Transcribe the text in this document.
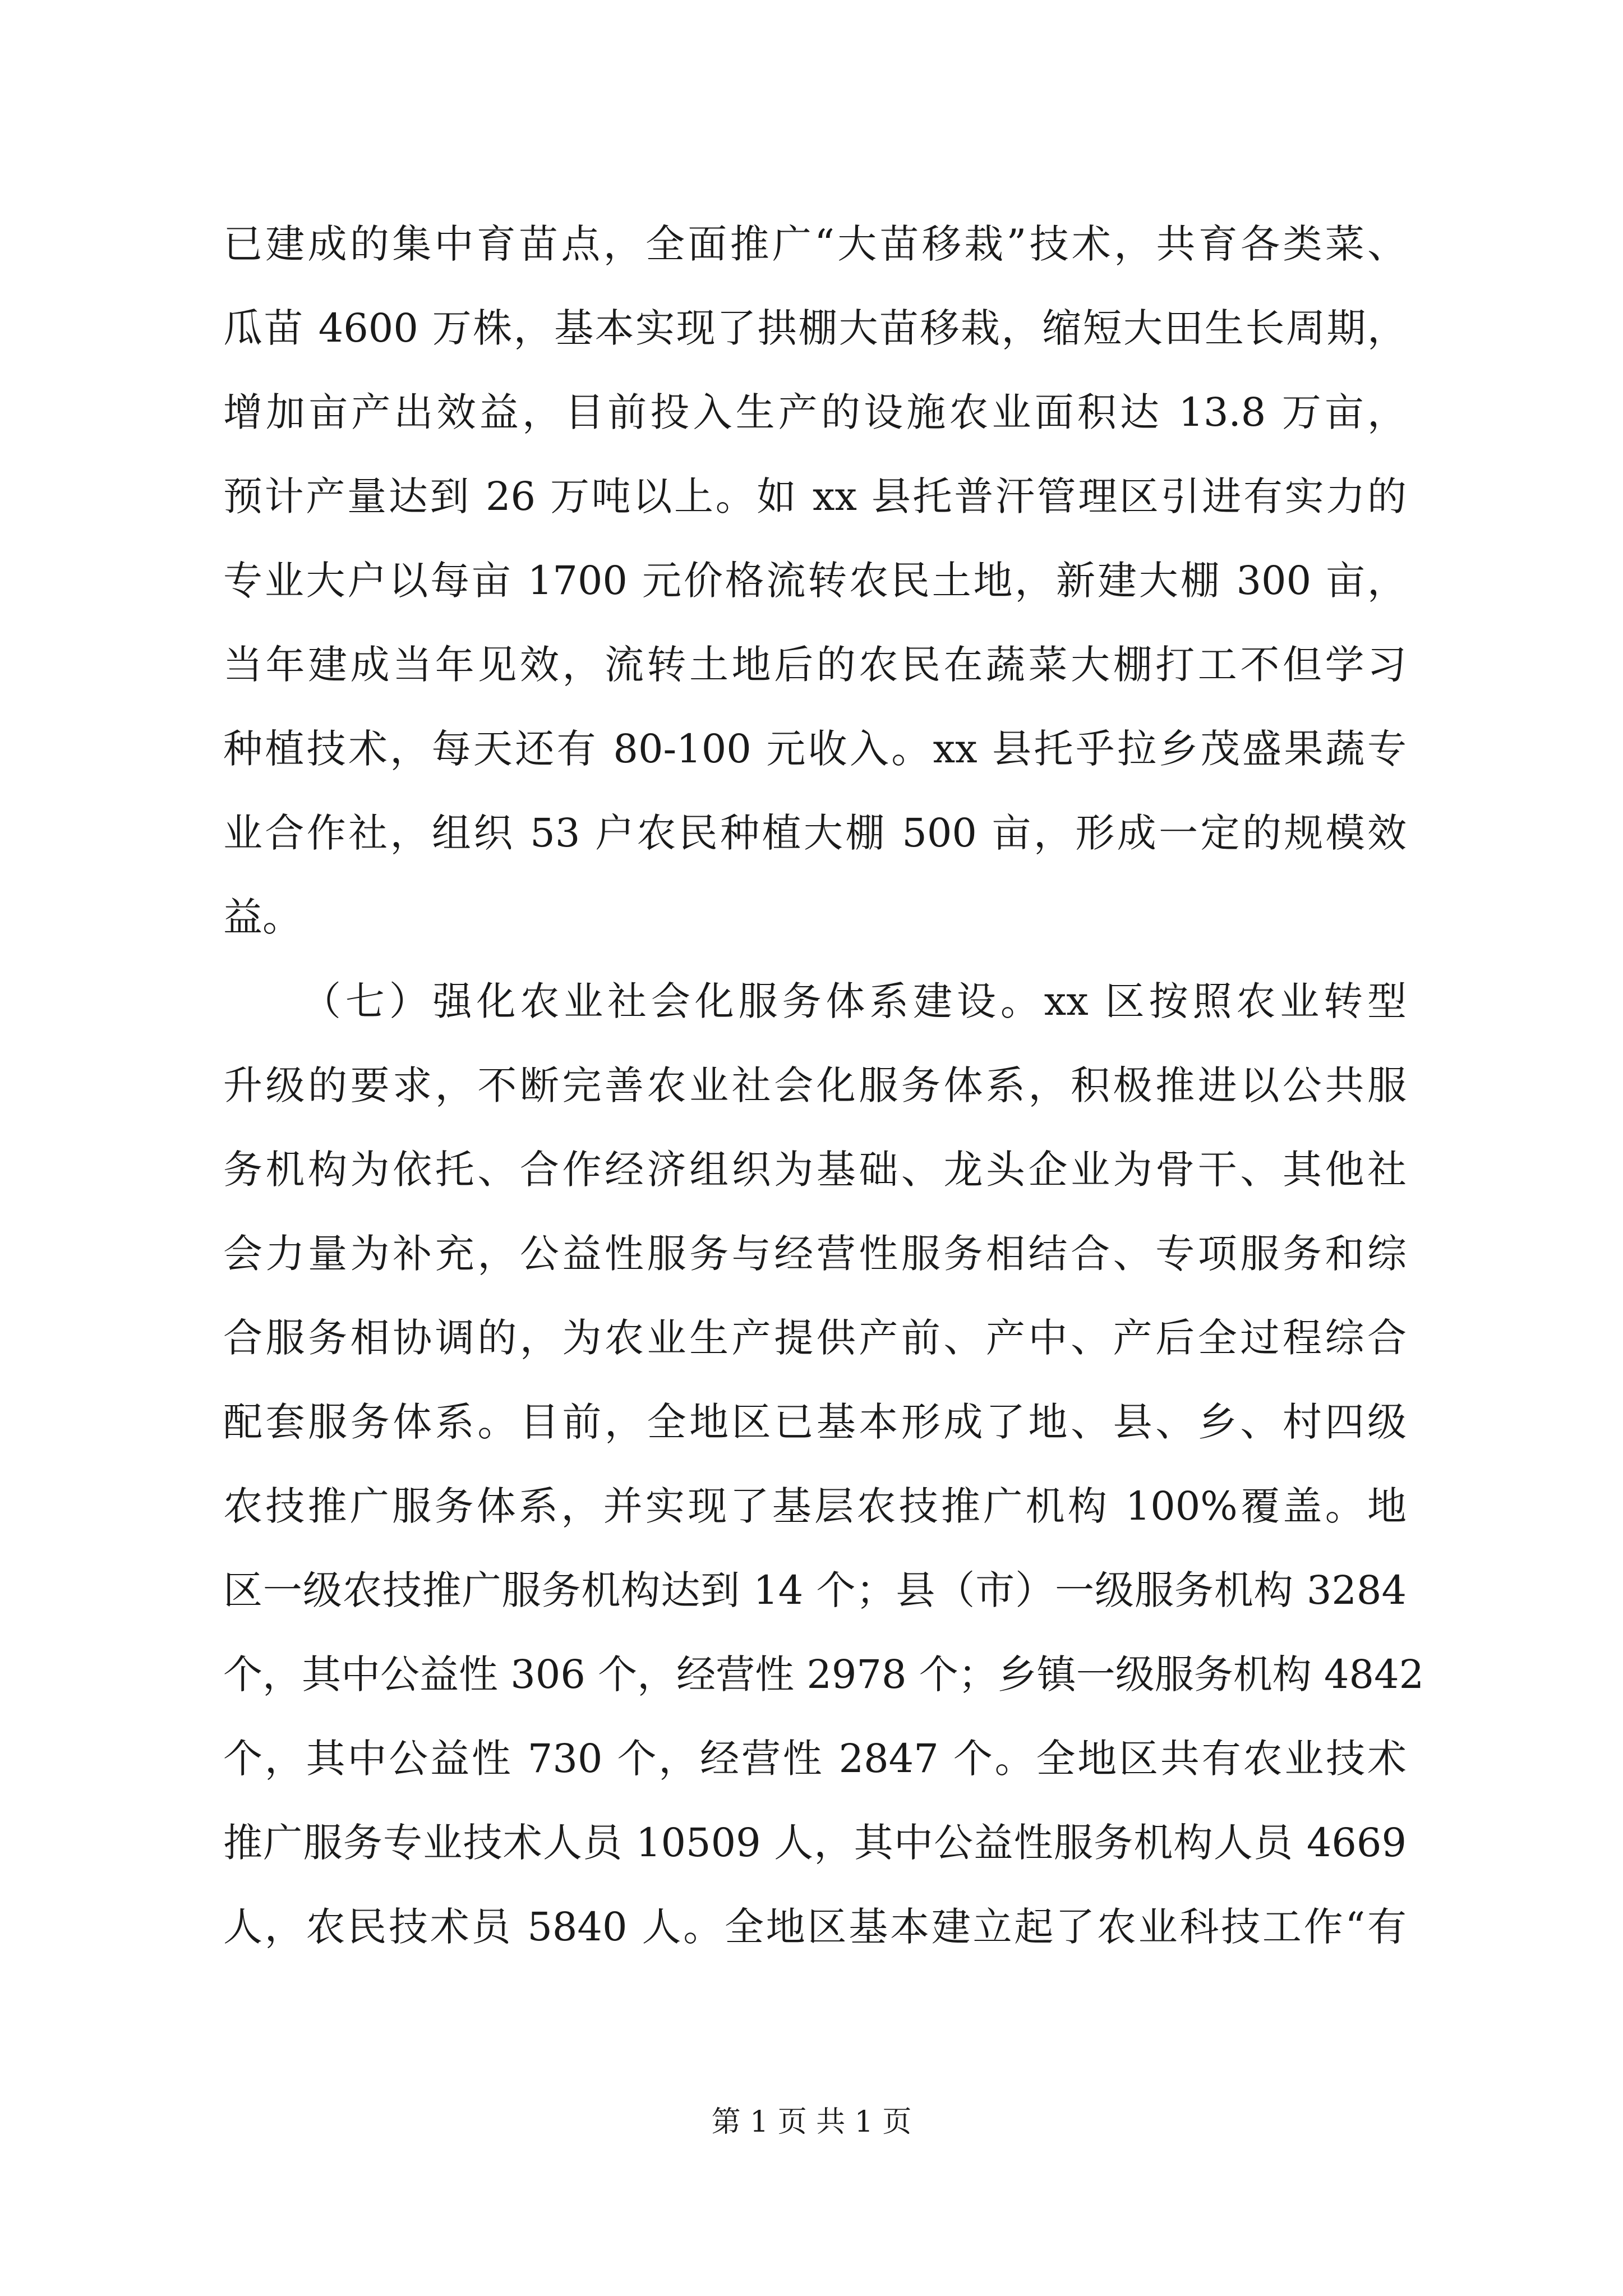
已建成的集中育苗点，全面推广“大苗移栽”技术，共育各类菜、
瓜苗 4600 万株，基本实现了拱棚大苗移栽，缩短大田生长周期，
增加亩产出效益，目前投入生产的设施农业面积达 13.8 万亩，
预计产量达到 26 万吨以上。如 xx 县托普汗管理区引进有实力的
专业大户以每亩 1700 元价格流转农民土地，新建大棚 300 亩，
当年建成当年见效，流转土地后的农民在蔬菜大棚打工不但学习
种植技术，每天还有 80-100 元收入。xx 县托乎拉乡茂盛果蔬专
业合作社，组织 53 户农民种植大棚 500 亩，形成一定的规模效
益。
（七）强化农业社会化服务体系建设。xx 区按照农业转型
升级的要求，不断完善农业社会化服务体系，积极推进以公共服
务机构为依托、合作经济组织为基础、龙头企业为骨干、其他社
会力量为补充，公益性服务与经营性服务相结合、专项服务和综
合服务相协调的，为农业生产提供产前、产中、产后全过程综合
配套服务体系。目前，全地区已基本形成了地、县、乡、村四级
农技推广服务体系，并实现了基层农技推广机构 100%覆盖。地
区一级农技推广服务机构达到 14 个；县（市）一级服务机构 3284
个，其中公益性 306 个，经营性 2978 个；乡镇一级服务机构 4842
个，其中公益性 730 个，经营性 2847 个。全地区共有农业技术
推广服务专业技术人员 10509 人，其中公益性服务机构人员 4669
人，农民技术员 5840 人。全地区基本建立起了农业科技工作“有
第 1 页 共 1 页
